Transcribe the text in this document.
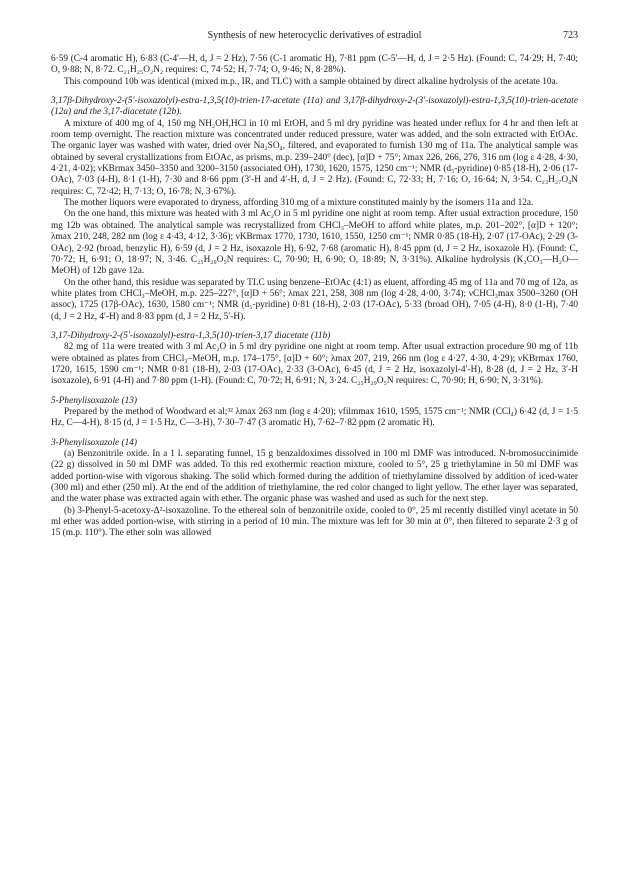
Synthesis of new heterocyclic derivatives of estradiol	723

6·59 (C-4 aromatic H), 6·83 (C-4′—H, d, J = 2 Hz), 7·56 (C-1 aromatic H), 7·81 ppm (C-5′—H, d, J = 2·5 Hz). (Found: C, 74·29; H, 7·40; O, 9·88; N, 8·72. C₂₁H₂₅O₂N₂ requires: C, 74·52; H, 7·74; O, 9·46; N, 8·28%).

This compound 10b was identical (mixed m.p., IR, and TLC) with a sample obtained by direct alkaline hydrolysis of the acetate 10a.

3,17β-Dihydroxy-2-(5′-isoxazolyl)-estra-1,3,5(10)-trien-17-acetate (11a) and 3,17β-dihydroxy-2-(3′-isoxazolyl)-estra-1,3,5(10)-trien-acetate (12a) and the 3,17-diacetate (12b).

A mixture of 400 mg of 4, 150 mg NH₂OH,HCl in 10 ml EtOH, and 5 ml dry pyridine was heated under reflux for 4 hr and then left at room temp overnight. The reaction mixture was concentrated under reduced pressure, water was added, and the soln extracted with EtOAc. The organic layer was washed with water, dried over Na₂SO₄, filtered, and evaporated to furnish 130 mg of 11a. The analytical sample was obtained by several crystallizations from EtOAc, as prisms, m.p. 239–240° (dec), [α]D + 75°; λmax 226, 266, 276, 316 nm (log ε 4·28, 4·30, 4·21, 4·02); νKBrmax 3450–3350 and 3200–3150 (associated OH), 1730, 1620, 1575, 1250 cm⁻¹; NMR (d₅-pyridine) 0·85 (18-H), 2·06 (17-OAc), 7·03 (4-H), 8·1 (1-H), 7·30 and 8·66 ppm (3′-H and 4′-H, d, J = 2 Hz). (Found: C, 72·33; H, 7·16; O, 16·64; N, 3·54. C₂₃H₂₇O₄N requires: C, 72·42; H, 7·13; O, 16·78; N, 3·67%).

The mother liquors were evaporated to dryness, affording 310 mg of a mixture constituted mainly by the isomers 11a and 12a.

On the one hand, this mixture was heated with 3 ml Ac₂O in 5 ml pyridine one night at room temp. After usual extraction procedure, 150 mg 12b was obtained. The analytical sample was recrystallized from CHCl₃–MeOH to afford white plates, m.p. 201–202°, [α]D + 120°; λmax 210, 248, 282 nm (log ε 4·43, 4·12, 3·36); νKBrmax 1770, 1730, 1610, 1550, 1250 cm⁻¹; NMR 0·85 (18-H), 2·07 (17-OAc), 2·29 (3-OAc), 2·92 (broad, benzylic H), 6·59 (d, J = 2 Hz, isoxazole H), 6·92, 7·68 (aromatic H), 8·45 ppm (d, J = 2 Hz, isoxazole H). (Found: C, 70·72; H, 6·91; O, 18·97; N, 3·46. C₂₅H₂₉O₅N requires: C, 70·90; H, 6·90; O, 18·89; N, 3·31%). Alkaline hydrolysis (K₂CO₃—H₂O—MeOH) of 12b gave 12a.

On the other hand, this residue was separated by TLC using benzene–EtOAc (4:1) as eluent, affording 45 mg of 11a and 70 mg of 12a, as white plates from CHCl₃–MeOH, m.p. 225–227°, [α]D + 56°; λmax 221, 258, 308 nm (log 4·28, 4·00, 3·74); νCHCl₃max 3500–3260 (OH assoc), 1725 (17β-OAc), 1630, 1580 cm⁻¹; NMR (d₅-pyridine) 0·81 (18-H), 2·03 (17-OAc), 5·33 (broad OH), 7·05 (4-H), 8·0 (1-H), 7·40 (d, J = 2 Hz, 4′-H) and 8·83 ppm (d, J = 2 Hz, 5′-H).

3,17-Dihydroxy-2-(5′-isoxazolyl)-estra-1,3,5(10)-trien-3,17 diacetate (11b)

82 mg of 11a were treated with 3 ml Ac₂O in 5 ml dry pyridine one night at room temp. After usual extraction procedure 90 mg of 11b were obtained as plates from CHCl₃–MeOH, m.p. 174–175°, [α]D + 60°; λmax 207, 219, 266 nm (log ε 4·27, 4·30, 4·29); νKBrmax 1760, 1720, 1615, 1590 cm⁻¹; NMR 0·81 (18-H), 2·03 (17-OAc), 2·33 (3-OAc), 6·45 (d, J = 2 Hz, isoxazolyl-4′-H), 8·28 (d, J = 2 Hz, 3′-H isoxazole), 6·91 (4-H) and 7·80 ppm (1-H). (Found: C, 70·72; H, 6·91; N, 3·24. C₂₅H₂₉O₅N requires: C, 70·90; H, 6·90; N, 3·31%).

5-Phenylisoxazole (13)

Prepared by the method of Woodward et al;³² λmax 263 nm (log ε 4·20); νfilmmax 1610, 1595, 1575 cm⁻¹; NMR (CCl₄) 6·42 (d, J = 1·5 Hz, C—4-H), 8·15 (d, J = 1·5 Hz, C—3-H), 7·30–7·47 (3 aromatic H), 7·62–7·82 ppm (2 aromatic H).

3-Phenylisoxazole (14)

(a) Benzonitrile oxide. In a 1 l. separating funnel, 15 g benzaldoximes dissolved in 100 ml DMF was introduced. N-bromosuccinimide (22 g) dissolved in 50 ml DMF was added. To this red exothermic reaction mixture, cooled to 5°, 25 g triethylamine in 50 ml DMF was added portion-wise with vigorous shaking. The solid which formed during the addition of triethylamine dissolved by addition of iced-water (300 ml) and ether (250 ml). At the end of the addition of triethylamine, the red color changed to light yellow. The ether layer was separated, and the water phase was extracted again with ether. The organic phase was washed and used as such for the next step.

(b) 3-Phenyl-5-acetoxy-Δ²-isoxazoline. To the ethereal soln of benzonitrile oxide, cooled to 0°, 25 ml recently distilled vinyl acetate in 50 ml ether was added portion-wise, with stirring in a period of 10 min. The mixture was left for 30 min at 0°, then filtered to separate 2·3 g of 15 (m.p. 110°). The ether soln was allowed
